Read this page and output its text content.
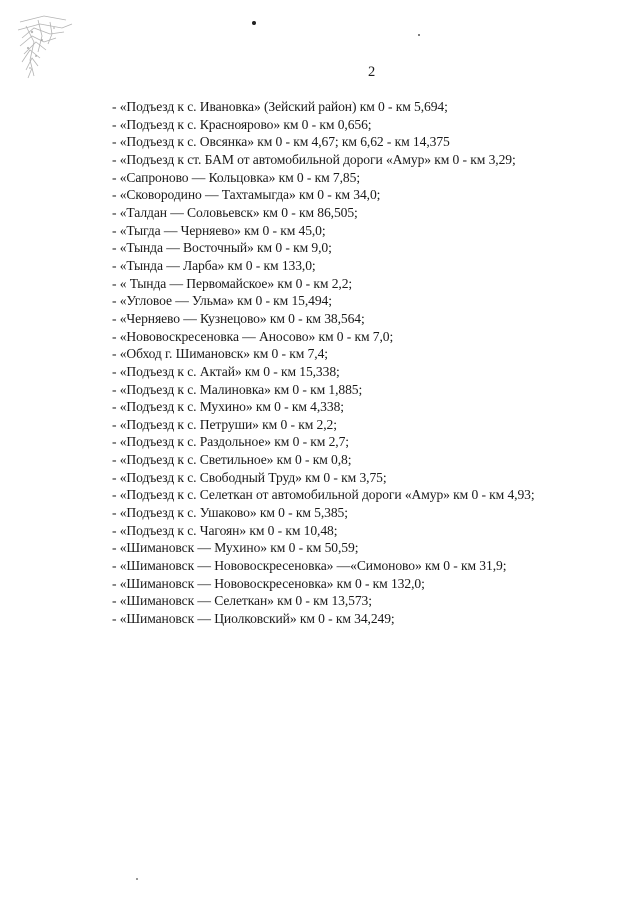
2
- «Подъезд к с. Ивановка» (Зейский район) км 0 - км 5,694;
- «Подъезд к с. Красноярово» км 0 - км 0,656;
- «Подъезд к с. Овсянка» км 0 - км 4,67; км 6,62 - км 14,375
- «Подъезд к ст. БАМ от автомобильной дороги «Амур» км 0 - км 3,29;
- «Сапроново — Кольцовка» км 0 - км 7,85;
- «Сковородино — Тахтамыгда» км 0 - км 34,0;
- «Талдан — Соловьевск» км 0 - км 86,505;
- «Тыгда — Черняево» км 0 - км 45,0;
- «Тында — Восточный» км 0 - км 9,0;
- «Тында — Ларба» км 0 - км 133,0;
- « Тында — Первомайское» км 0 - км 2,2;
- «Угловое — Ульма» км 0 - км 15,494;
- «Черняево — Кузнецово» км 0 - км 38,564;
- «Нововоскресеновка — Аносово» км 0 - км 7,0;
- «Обход г. Шимановск» км 0 - км 7,4;
- «Подъезд к с. Актай» км 0 - км 15,338;
- «Подъезд к с. Малиновка» км 0 - км 1,885;
- «Подъезд к с. Мухино» км 0 - км 4,338;
- «Подъезд к с. Петруши» км 0 - км 2,2;
- «Подъезд к с. Раздольное» км 0 - км 2,7;
- «Подъезд к с. Светильное» км 0 - км 0,8;
- «Подъезд к с. Свободный Труд» км 0 - км 3,75;
- «Подъезд к с. Селеткан от автомобильной дороги «Амур» км 0 - км 4,93;
- «Подъезд к с. Ушаково» км 0 - км 5,385;
- «Подъезд к с. Чагоян» км 0 - км 10,48;
- «Шимановск — Мухино» км 0 - км 50,59;
- «Шимановск — Нововоскресеновка» —«Симоново» км 0 - км 31,9;
- «Шимановск — Нововоскресеновка» км 0 - км 132,0;
- «Шимановск — Селеткан» км 0 - км 13,573;
- «Шимановск — Циолковский» км 0 - км 34,249;
